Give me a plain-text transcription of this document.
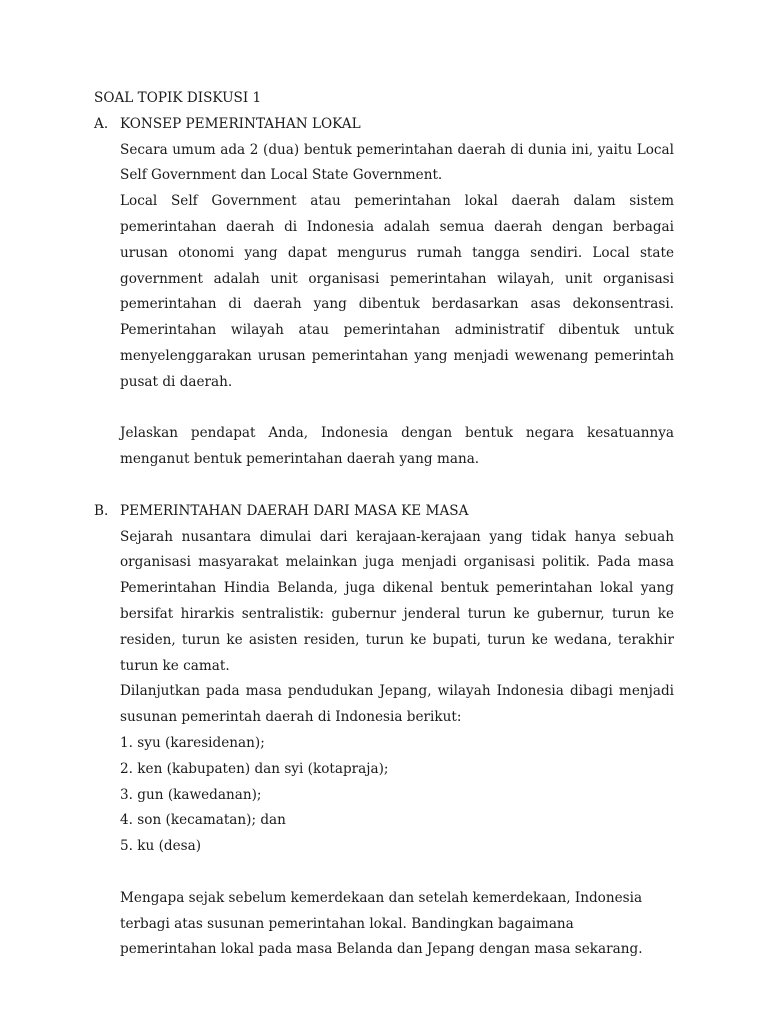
SOAL TOPIK DISKUSI 1
A. KONSEP PEMERINTAHAN LOKAL

Secara umum ada 2 (dua) bentuk pemerintahan daerah di dunia ini, yaitu Local Self Government dan Local State Government.

Local Self Government atau pemerintahan lokal daerah dalam sistem pemerintahan daerah di Indonesia adalah semua daerah dengan berbagai urusan otonomi yang dapat mengurus rumah tangga sendiri. Local state government adalah unit organisasi pemerintahan wilayah, unit organisasi pemerintahan di daerah yang dibentuk berdasarkan asas dekonsentrasi. Pemerintahan wilayah atau pemerintahan administratif dibentuk untuk menyelenggarakan urusan pemerintahan yang menjadi wewenang pemerintah pusat di daerah.

Jelaskan pendapat Anda, Indonesia dengan bentuk negara kesatuannya menganut bentuk pemerintahan daerah yang mana.

B. PEMERINTAHAN DAERAH DARI MASA KE MASA

Sejarah nusantara dimulai dari kerajaan-kerajaan yang tidak hanya sebuah organisasi masyarakat melainkan juga menjadi organisasi politik. Pada masa Pemerintahan Hindia Belanda, juga dikenal bentuk pemerintahan lokal yang bersifat hirarkis sentralistik: gubernur jenderal turun ke gubernur, turun ke residen, turun ke asisten residen, turun ke bupati, turun ke wedana, terakhir turun ke camat.

Dilanjutkan pada masa pendudukan Jepang, wilayah Indonesia dibagi menjadi susunan pemerintah daerah di Indonesia berikut:

1. syu (karesidenan);
2. ken (kabupaten) dan syi (kotapraja);
3. gun (kawedanan);
4. son (kecamatan); dan
5. ku (desa)

Mengapa sejak sebelum kemerdekaan dan setelah kemerdekaan, Indonesia terbagi atas susunan pemerintahan lokal. Bandingkan bagaimana pemerintahan lokal pada masa Belanda dan Jepang dengan masa sekarang.
